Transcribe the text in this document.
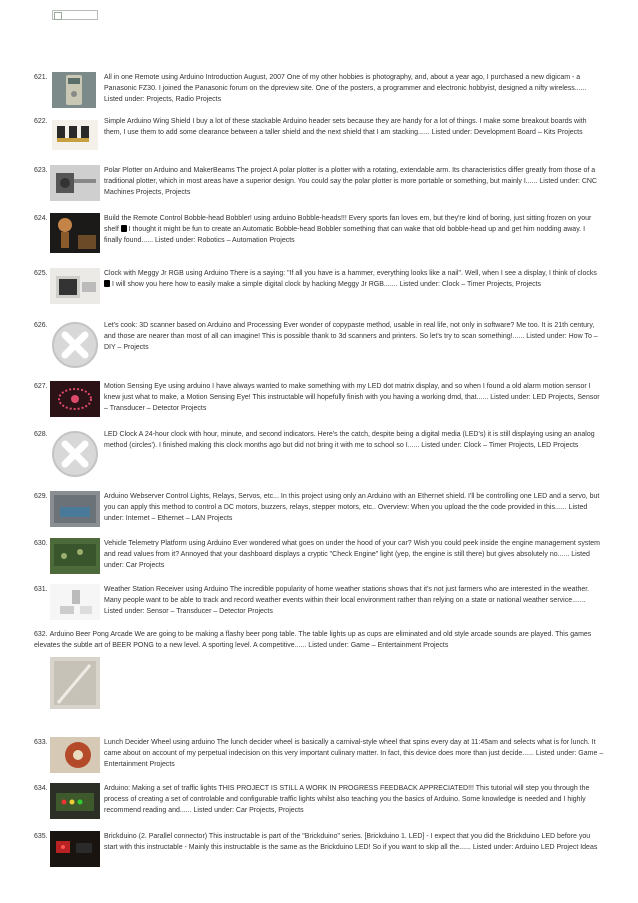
621.	All in one Remote using Arduino Introduction August, 2007 One of my other hobbies is photography, and, about a year ago, I purchased a new digicam - a Panasonic FZ30. I joined the Panasonic forum on the dpreview site. One of the posters, a programmer and electronic hobbyist, designed a nifty wireless...... Listed under: Projects, Radio Projects
622.	Simple Arduino Wing Shield I buy a lot of these stackable Arduino header sets because they are handy for a lot of things. I make some breakout boards with them, I use them to add some clearance between a taller shield and the next shield that I am stacking...... Listed under: Development Board – Kits Projects
623.	Polar Plotter on Arduino and MakerBeams The project A polar plotter is a plotter with a rotating, extendable arm. Its characteristics differ greatly from those of a traditional plotter, which in most areas have a superior design. You could say the polar plotter is more portable or something, but mainly I...... Listed under: CNC Machines Projects, Projects
624.	Build the Remote Control Bobble-head Bobbler! using arduino Bobble-heads!!! Every sports fan loves em, but they're kind of boring, just sitting frozen on your shelf  I thought it might be fun to create an Automatic Bobble-head Bobbler something that can wake that old bobble-head up and get him nodding away. I finally found...... Listed under: Robotics – Automation Projects
625.	Clock with Meggy Jr RGB using Arduino There is a saying: "If all you have is a hammer, everything looks like a nail". Well, when I see a display, I think of clocks  I will show you here how to easily make a simple digital clock by hacking Meggy Jr RGB....... Listed under: Clock – Timer Projects, Projects
626.	Let's cook: 3D scanner based on Arduino and Processing Ever wonder of copypaste method, usable in real life, not only in software? Me too. It is 21th century, and those are nearer than most of all can imagine! This is possible thank to 3d scanners and printers. So let's try to scan something!...... Listed under: How To – DIY – Projects
627.	Motion Sensing Eye using arduino I have always wanted to make something with my LED dot matrix display, and so when I found a old alarm motion sensor I knew just what to make, a Motion Sensing Eye! This instructable will hopefully finish with you having a working dmd, that...... Listed under: LED Projects, Sensor – Transducer – Detector Projects
628.	LED Clock A 24-hour clock with hour, minute, and second indicators. Here's the catch, despite being a digital media (LED's) it is still displaying using an analog method (circles'). I finished making this clock months ago but did not bring it with me to school so I...... Listed under: Clock – Timer Projects, LED Projects
629.	Arduino Webserver Control Lights, Relays, Servos, etc... In this project using only an Arduino with an Ethernet shield. I'll be controlling one LED and a servo, but you can apply this method to control a DC motors, buzzers, relays, stepper motors, etc.. Overview: When you upload the the code provided in this...... Listed under: Internet – Ethernet – LAN Projects
630.	Vehicle Telemetry Platform using Arduino Ever wondered what goes on under the hood of your car? Wish you could peek inside the engine management system and read values from it? Annoyed that your dashboard displays a cryptic "Check Engine" light (yep, the engine is still there) but gives absolutely no...... Listed under: Car Projects
631.	Weather Station Receiver using Arduino The incredible popularity of home weather stations shows that it's not just farmers who are interested in the weather. Many people want to be able to track and record weather events within their local environment rather than relying on a state or national weather service....... Listed under: Sensor – Transducer – Detector Projects
632. Arduino Beer Pong Arcade We are going to be making a flashy beer pong table. The table lights up as cups are eliminated and old style arcade sounds are played. This games elevates the subtle art of BEER PONG to a new level. A sporting level. A competitive...... Listed under: Game – Entertainment Projects
633.	Lunch Decider Wheel using arduino The lunch decider wheel is basically a carnival-style wheel that spins every day at 11:45am and selects what is for lunch. It came about on account of my perpetual indecision on this very important culinary matter. In fact, this device does more than just decide...... Listed under: Game – Entertainment Projects
634.	Arduino: Making a set of traffic lights THIS PROJECT IS STILL A WORK IN PROGRESS FEEDBACK APPRECIATED!!! This tutorial will step you through the process of creating a set of controlable and configurable traffic lights whilst also teaching you the basics of Arduino. Some knowledge is needed and I highly recommend reading and...... Listed under: Car Projects, Projects
635.	Brickduino (2. Parallel connector) This instructable is part of the "Brickduino" series. [Brickduino 1. LED] - I expect that you did the Brickduino LED before you start with this instructable - Mainly this instructable is the same as the Brickduino LED! So if you want to skip all the...... Listed under: Arduino LED Project Ideas
